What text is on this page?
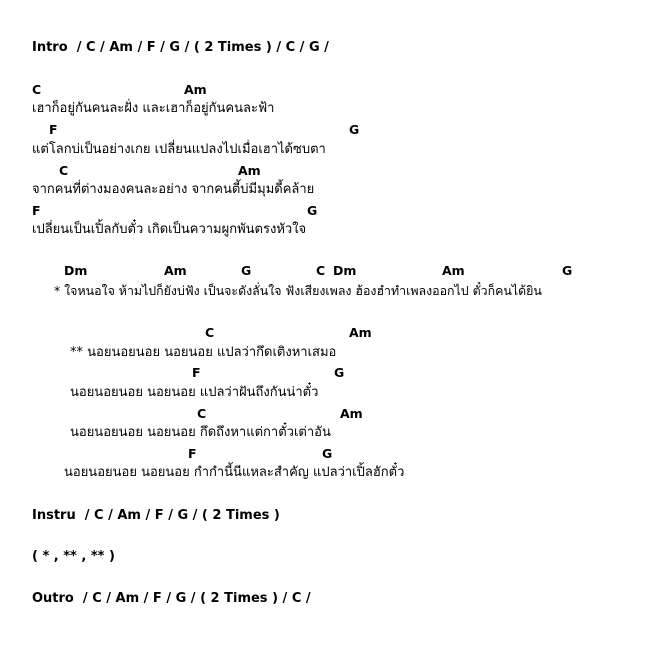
Intro  / C / Am / F / G / ( 2 Times ) / C / G /
C	Am
เฮาก็อยู่กันคนละฝั่ง และเฮาก็อยู่กันคนละฟ้า
F	G
แต่โลกบ่เป็นอย่างเกย เปลี่ยนแปลงไปเมื่อเฮาได้ซบตา
C	Am
จากคนที่ต่างมองคนละอย่าง จากคนตี้บ่มีมุมดี้คล้าย
F	G
เปลี่ยนเป็นเปิ้ลกับตั๋ว เกิดเป็นความผูกพันตรงหัวใจ
Dm	Am	G	C Dm	Am	G
* ใจหนอใจ ห้ามไปก็ยังบ่ฟัง เป็นจะดังลั่นใจ ฟังเสียงเพลง ฮ้องฮำทำเพลงออกไป ตั๋วก็คนได้ยิน
C	Am
** นอยนอยนอย นอยนอย แปลว่ากึดเติงหาเสมอ
F	G
นอยนอยนอย นอยนอย แปลว่าฝันถึงกันน่าตั๋ว
C	Am
นอยนอยนอย นอยนอย กึดถึงหาแต่กาตั๋วเต่าอัน
F	G
นอยนอยนอย นอยนอย กำกำนี้นีแหละสำคัญ แปลว่าเปิ้ลฮักตั๋ว
Instru  / C / Am / F / G / ( 2 Times )
( * , ** , ** )
Outro  / C / Am / F / G / ( 2 Times ) / C /
